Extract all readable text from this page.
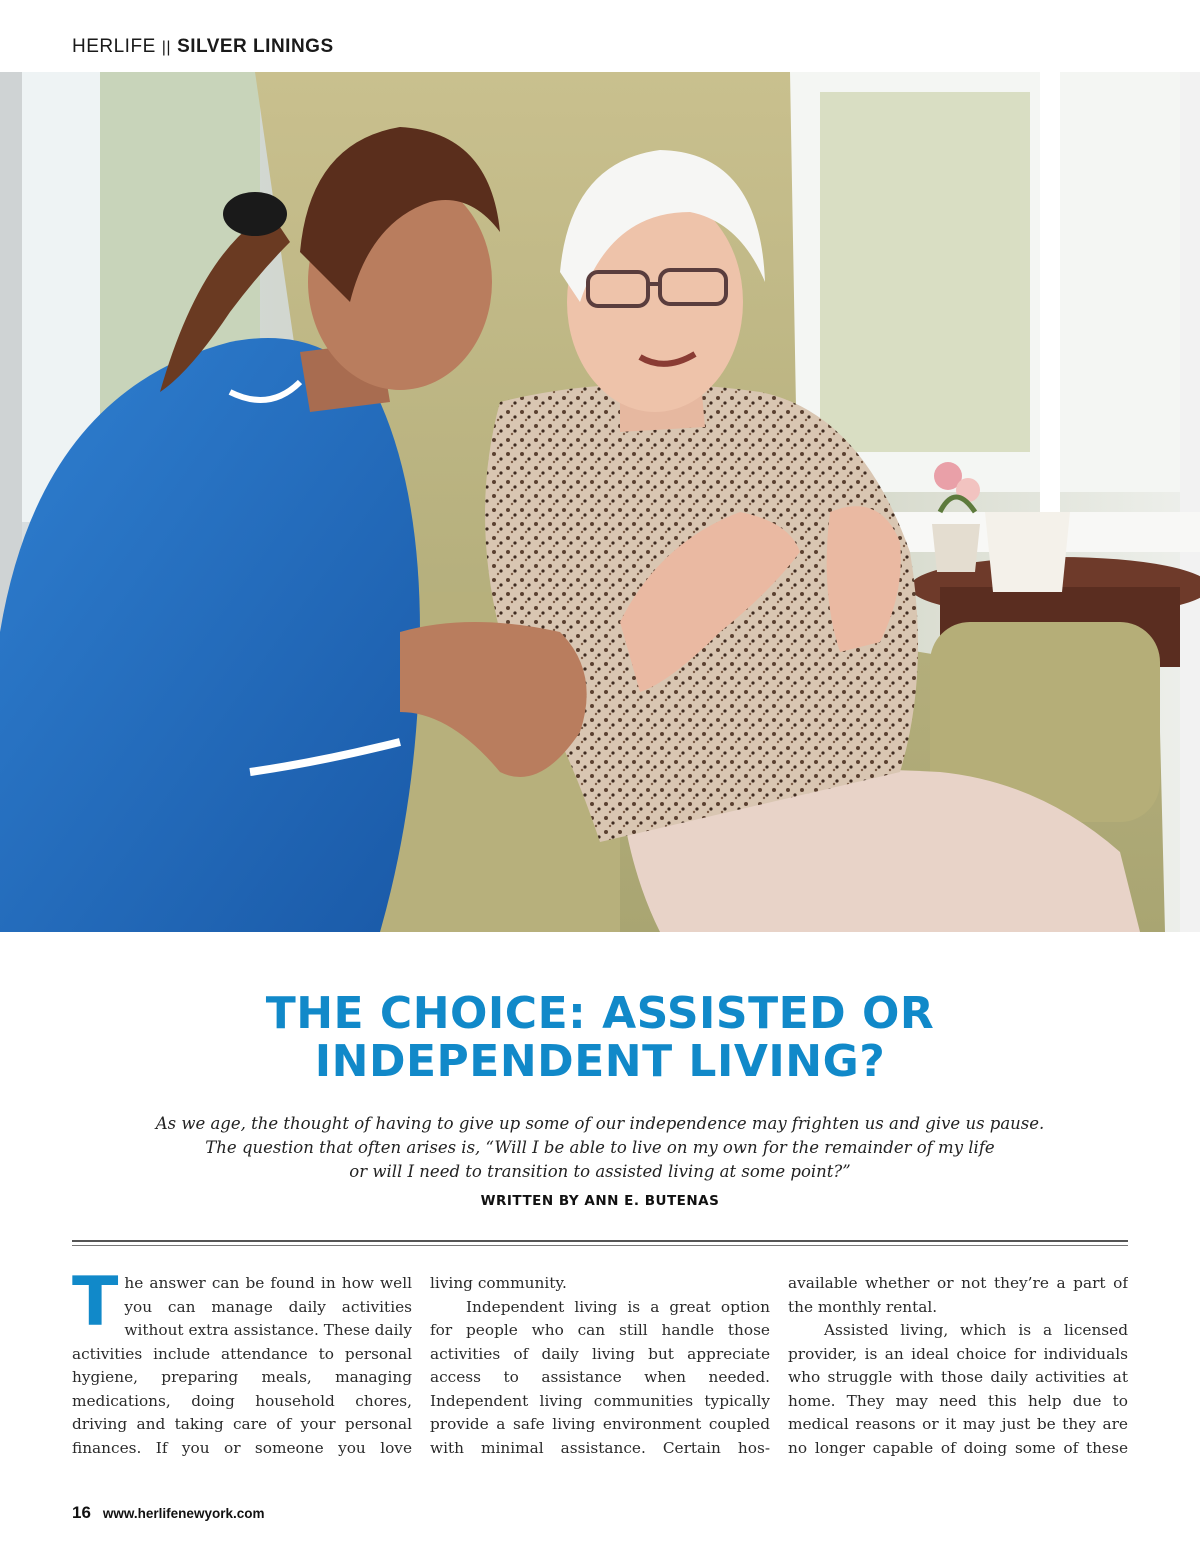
HERLIFE || SILVER LININGS
THE CHOICE: ASSISTED OR
INDEPENDENT LIVING?
As we age, the thought of having to give up some of our independence may frighten us and give us pause.
The question that often arises is, “Will I be able to live on my own for the remainder of my life
or will I need to transition to assisted living at some point?”
WRITTEN BY ANN E. BUTENAS

The answer can be found in how well you can manage daily activities without extra assistance. These daily activities include attendance to personal hygiene, preparing meals, managing medications, doing household chores, driving and taking care of your personal finances. If you or someone you love

living community.

Independent living is a great option for people who can still handle those activities of daily living but appreciate access to assistance when needed. Independent living communities typically provide a safe living environment coupled with minimal assistance. Certain hos

available whether or not they’re a part of the monthly rental.

Assisted living, which is a licensed provider, is an ideal choice for individuals who struggle with those daily activities at home. They may need this help due to medical reasons or it may just be they are no longer capable of doing some of these

16 www.herlifenewyork.com
